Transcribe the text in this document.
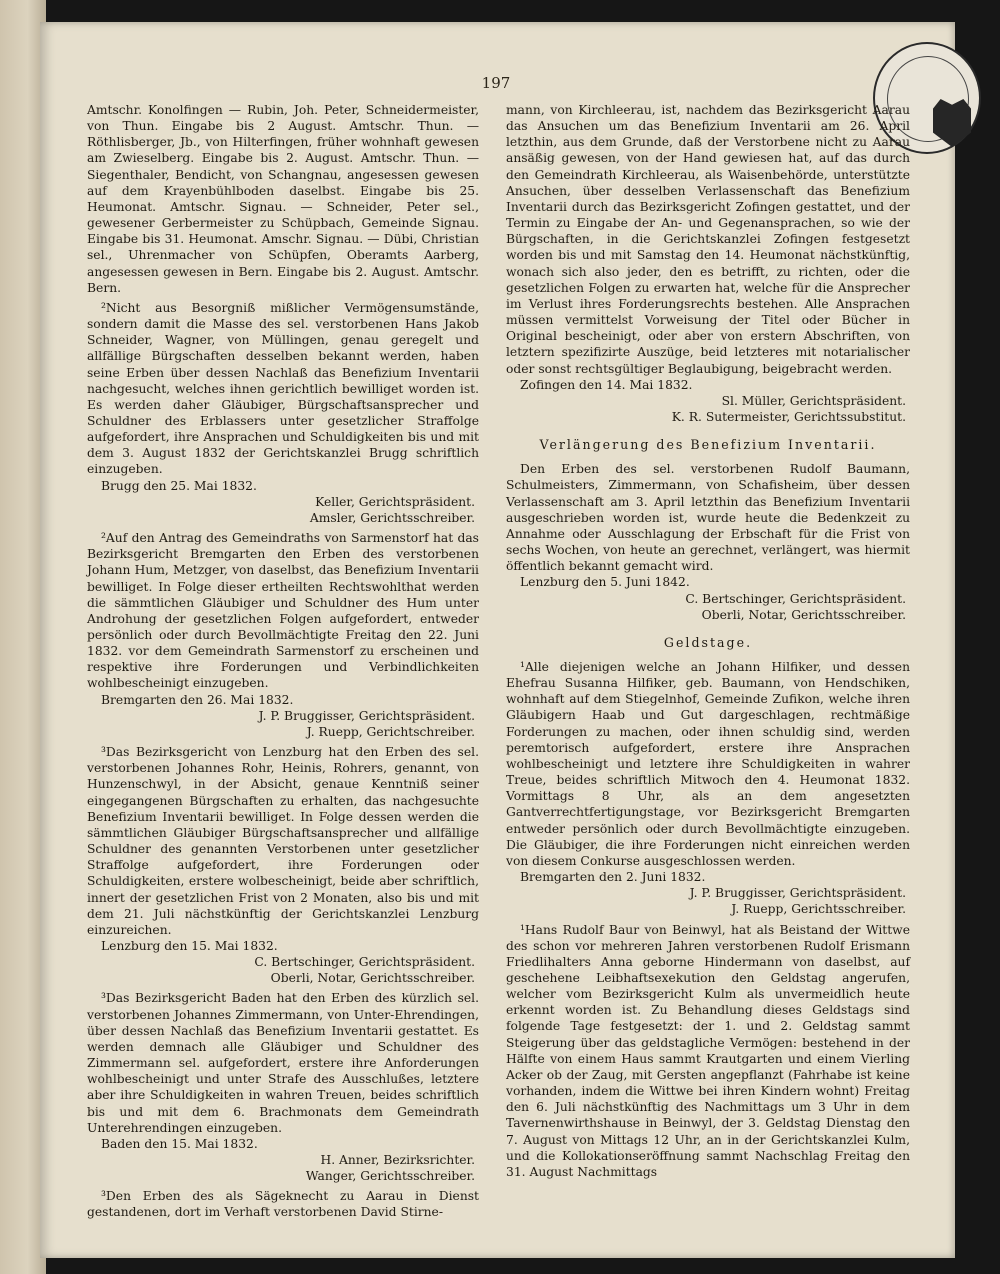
197

Amtschr. Konolfingen — Rubin, Joh. Peter, Schneidermeister, von Thun. Eingabe bis 2 August. Amtschr. Thun. — Röthlisberger, Jb., von Hilterfingen, früher wohnhaft gewesen am Zwieselberg. Eingabe bis 2. August. Amtschr. Thun. — Siegenthaler, Bendicht, von Schangnau, angesessen gewesen auf dem Krayenbühlboden daselbst. Eingabe bis 25. Heumonat. Amtschr. Signau. — Schneider, Peter sel., gewesener Gerbermeister zu Schüpbach, Gemeinde Signau. Eingabe bis 31. Heumonat. Amschr. Signau. — Dübi, Christian sel., Uhrenmacher von Schüpfen, Oberamts Aarberg, angesessen gewesen in Bern. Eingabe bis 2. August. Amtschr. Bern.

²Nicht aus Besorgniß mißlicher Vermögensumstände, sondern damit die Masse des sel. verstorbenen Hans Jakob Schneider, Wagner, von Müllingen, genau geregelt und allfällige Bürgschaften desselben bekannt werden, haben seine Erben über dessen Nachlaß das Benefizium Inventarii nachgesucht, welches ihnen gerichtlich bewilliget worden ist. Es werden daher Gläubiger, Bürgschaftsansprecher und Schuldner des Erblassers unter gesetzlicher Straffolge aufgefordert, ihre Ansprachen und Schuldigkeiten bis und mit dem 3. August 1832 der Gerichtskanzlei Brugg schriftlich einzugeben.

Brugg den 25. Mai 1832.

Keller, Gerichtspräsident.

Amsler, Gerichtsschreiber.

²Auf den Antrag des Gemeindraths von Sarmenstorf hat das Bezirksgericht Bremgarten den Erben des verstorbenen Johann Hum, Metzger, von daselbst, das Benefizium Inventarii bewilliget. In Folge dieser ertheilten Rechtswohlthat werden die sämmtlichen Gläubiger und Schuldner des Hum unter Androhung der gesetzlichen Folgen aufgefordert, entweder persönlich oder durch Bevollmächtigte Freitag den 22. Juni 1832. vor dem Gemeindrath Sarmenstorf zu erscheinen und respektive ihre Forderungen und Verbindlichkeiten wohlbescheinigt einzugeben.

Bremgarten den 26. Mai 1832.

J. P. Bruggisser, Gerichtspräsident.

J. Ruepp, Gerichtschreiber.

³Das Bezirksgericht von Lenzburg hat den Erben des sel. verstorbenen Johannes Rohr, Heinis, Rohrers, genannt, von Hunzenschwyl, in der Absicht, genaue Kenntniß seiner eingegangenen Bürgschaften zu erhalten, das nachgesuchte Benefizium Inventarii bewilliget. In Folge dessen werden die sämmtlichen Gläubiger Bürgschaftsansprecher und allfällige Schuldner des genannten Verstorbenen unter gesetzlicher Straffolge aufgefordert, ihre Forderungen oder Schuldigkeiten, erstere wolbescheinigt, beide aber schriftlich, innert der gesetzlichen Frist von 2 Monaten, also bis und mit dem 21. Juli nächstkünftig der Gerichtskanzlei Lenzburg einzureichen.

Lenzburg den 15. Mai 1832.

C. Bertschinger, Gerichtspräsident.

Oberli, Notar, Gerichtsschreiber.

³Das Bezirksgericht Baden hat den Erben des kürzlich sel. verstorbenen Johannes Zimmermann, von Unter-Ehrendingen, über dessen Nachlaß das Benefizium Inventarii gestattet. Es werden demnach alle Gläubiger und Schuldner des Zimmermann sel. aufgefordert, erstere ihre Anforderungen wohlbescheinigt und unter Strafe des Ausschlußes, letztere aber ihre Schuldigkeiten in wahren Treuen, beides schriftlich bis und mit dem 6. Brachmonats dem Gemeindrath Unterehrendingen einzugeben.

Baden den 15. Mai 1832.

H. Anner, Bezirksrichter.

Wanger, Gerichtsschreiber.

³Den Erben des als Sägeknecht zu Aarau in Dienst gestandenen, dort im Verhaft verstorbenen David Stirne-

mann, von Kirchleerau, ist, nachdem das Bezirksgericht Aarau das Ansuchen um das Benefizium Inventarii am 26. April letzthin, aus dem Grunde, daß der Verstorbene nicht zu Aarau ansäßig gewesen, von der Hand gewiesen hat, auf das durch den Gemeindrath Kirchleerau, als Waisenbehörde, unterstützte Ansuchen, über desselben Verlassenschaft das Benefizium Inventarii durch das Bezirksgericht Zofingen gestattet, und der Termin zu Eingabe der An- und Gegenansprachen, so wie der Bürgschaften, in die Gerichtskanzlei Zofingen festgesetzt worden bis und mit Samstag den 14. Heumonat nächstkünftig, wonach sich also jeder, den es betrifft, zu richten, oder die gesetzlichen Folgen zu erwarten hat, welche für die Ansprecher im Verlust ihres Forderungsrechts bestehen. Alle Ansprachen müssen vermittelst Vorweisung der Titel oder Bücher in Original bescheinigt, oder aber von erstern Abschriften, von letztern spezifizirte Auszüge, beid letzteres mit notarialischer oder sonst rechtsgültiger Beglaubigung, beigebracht werden.

Zofingen den 14. Mai 1832.

Sl. Müller, Gerichtspräsident.

K. R. Sutermeister, Gerichtssubstitut.

Verlängerung des Benefizium Inventarii.

Den Erben des sel. verstorbenen Rudolf Baumann, Schulmeisters, Zimmermann, von Schafisheim, über dessen Verlassenschaft am 3. April letzthin das Benefizium Inventarii ausgeschrieben worden ist, wurde heute die Bedenkzeit zu Annahme oder Ausschlagung der Erbschaft für die Frist von sechs Wochen, von heute an gerechnet, verlängert, was hiermit öffentlich bekannt gemacht wird.

Lenzburg den 5. Juni 1842.

C. Bertschinger, Gerichtspräsident.

Oberli, Notar, Gerichtsschreiber.

Geldstage.

¹Alle diejenigen welche an Johann Hilfiker, und dessen Ehefrau Susanna Hilfiker, geb. Baumann, von Hendschiken, wohnhaft auf dem Stiegelnhof, Gemeinde Zufikon, welche ihren Gläubigern Haab und Gut dargeschlagen, rechtmäßige Forderungen zu machen, oder ihnen schuldig sind, werden peremtorisch aufgefordert, erstere ihre Ansprachen wohlbescheinigt und letztere ihre Schuldigkeiten in wahrer Treue, beides schriftlich Mitwoch den 4. Heumonat 1832. Vormittags 8 Uhr, als an dem angesetzten Gantverrechtfertigungstage, vor Bezirksgericht Bremgarten entweder persönlich oder durch Bevollmächtigte einzugeben. Die Gläubiger, die ihre Forderungen nicht einreichen werden von diesem Conkurse ausgeschlossen werden.

Bremgarten den 2. Juni 1832.

J. P. Bruggisser, Gerichtspräsident.

J. Ruepp, Gerichtsschreiber.

¹Hans Rudolf Baur von Beinwyl, hat als Beistand der Wittwe des schon vor mehreren Jahren verstorbenen Rudolf Erismann Friedlihalters Anna geborne Hindermann von daselbst, auf geschehene Leibhaftsexekution den Geldstag angerufen, welcher vom Bezirksgericht Kulm als unvermeidlich heute erkennt worden ist. Zu Behandlung dieses Geldstags sind folgende Tage festgesetzt: der 1. und 2. Geldstag sammt Steigerung über das geldstagliche Vermögen: bestehend in der Hälfte von einem Haus sammt Krautgarten und einem Vierling Acker ob der Zaug, mit Gersten angepflanzt (Fahrhabe ist keine vorhanden, indem die Wittwe bei ihren Kindern wohnt) Freitag den 6. Juli nächstkünftig des Nachmittags um 3 Uhr in dem Tavernenwirthshause in Beinwyl, der 3. Geldstag Dienstag den 7. August von Mittags 12 Uhr, an in der Gerichtskanzlei Kulm, und die Kollokationseröffnung sammt Nachschlag Freitag den 31. August Nachmittags
